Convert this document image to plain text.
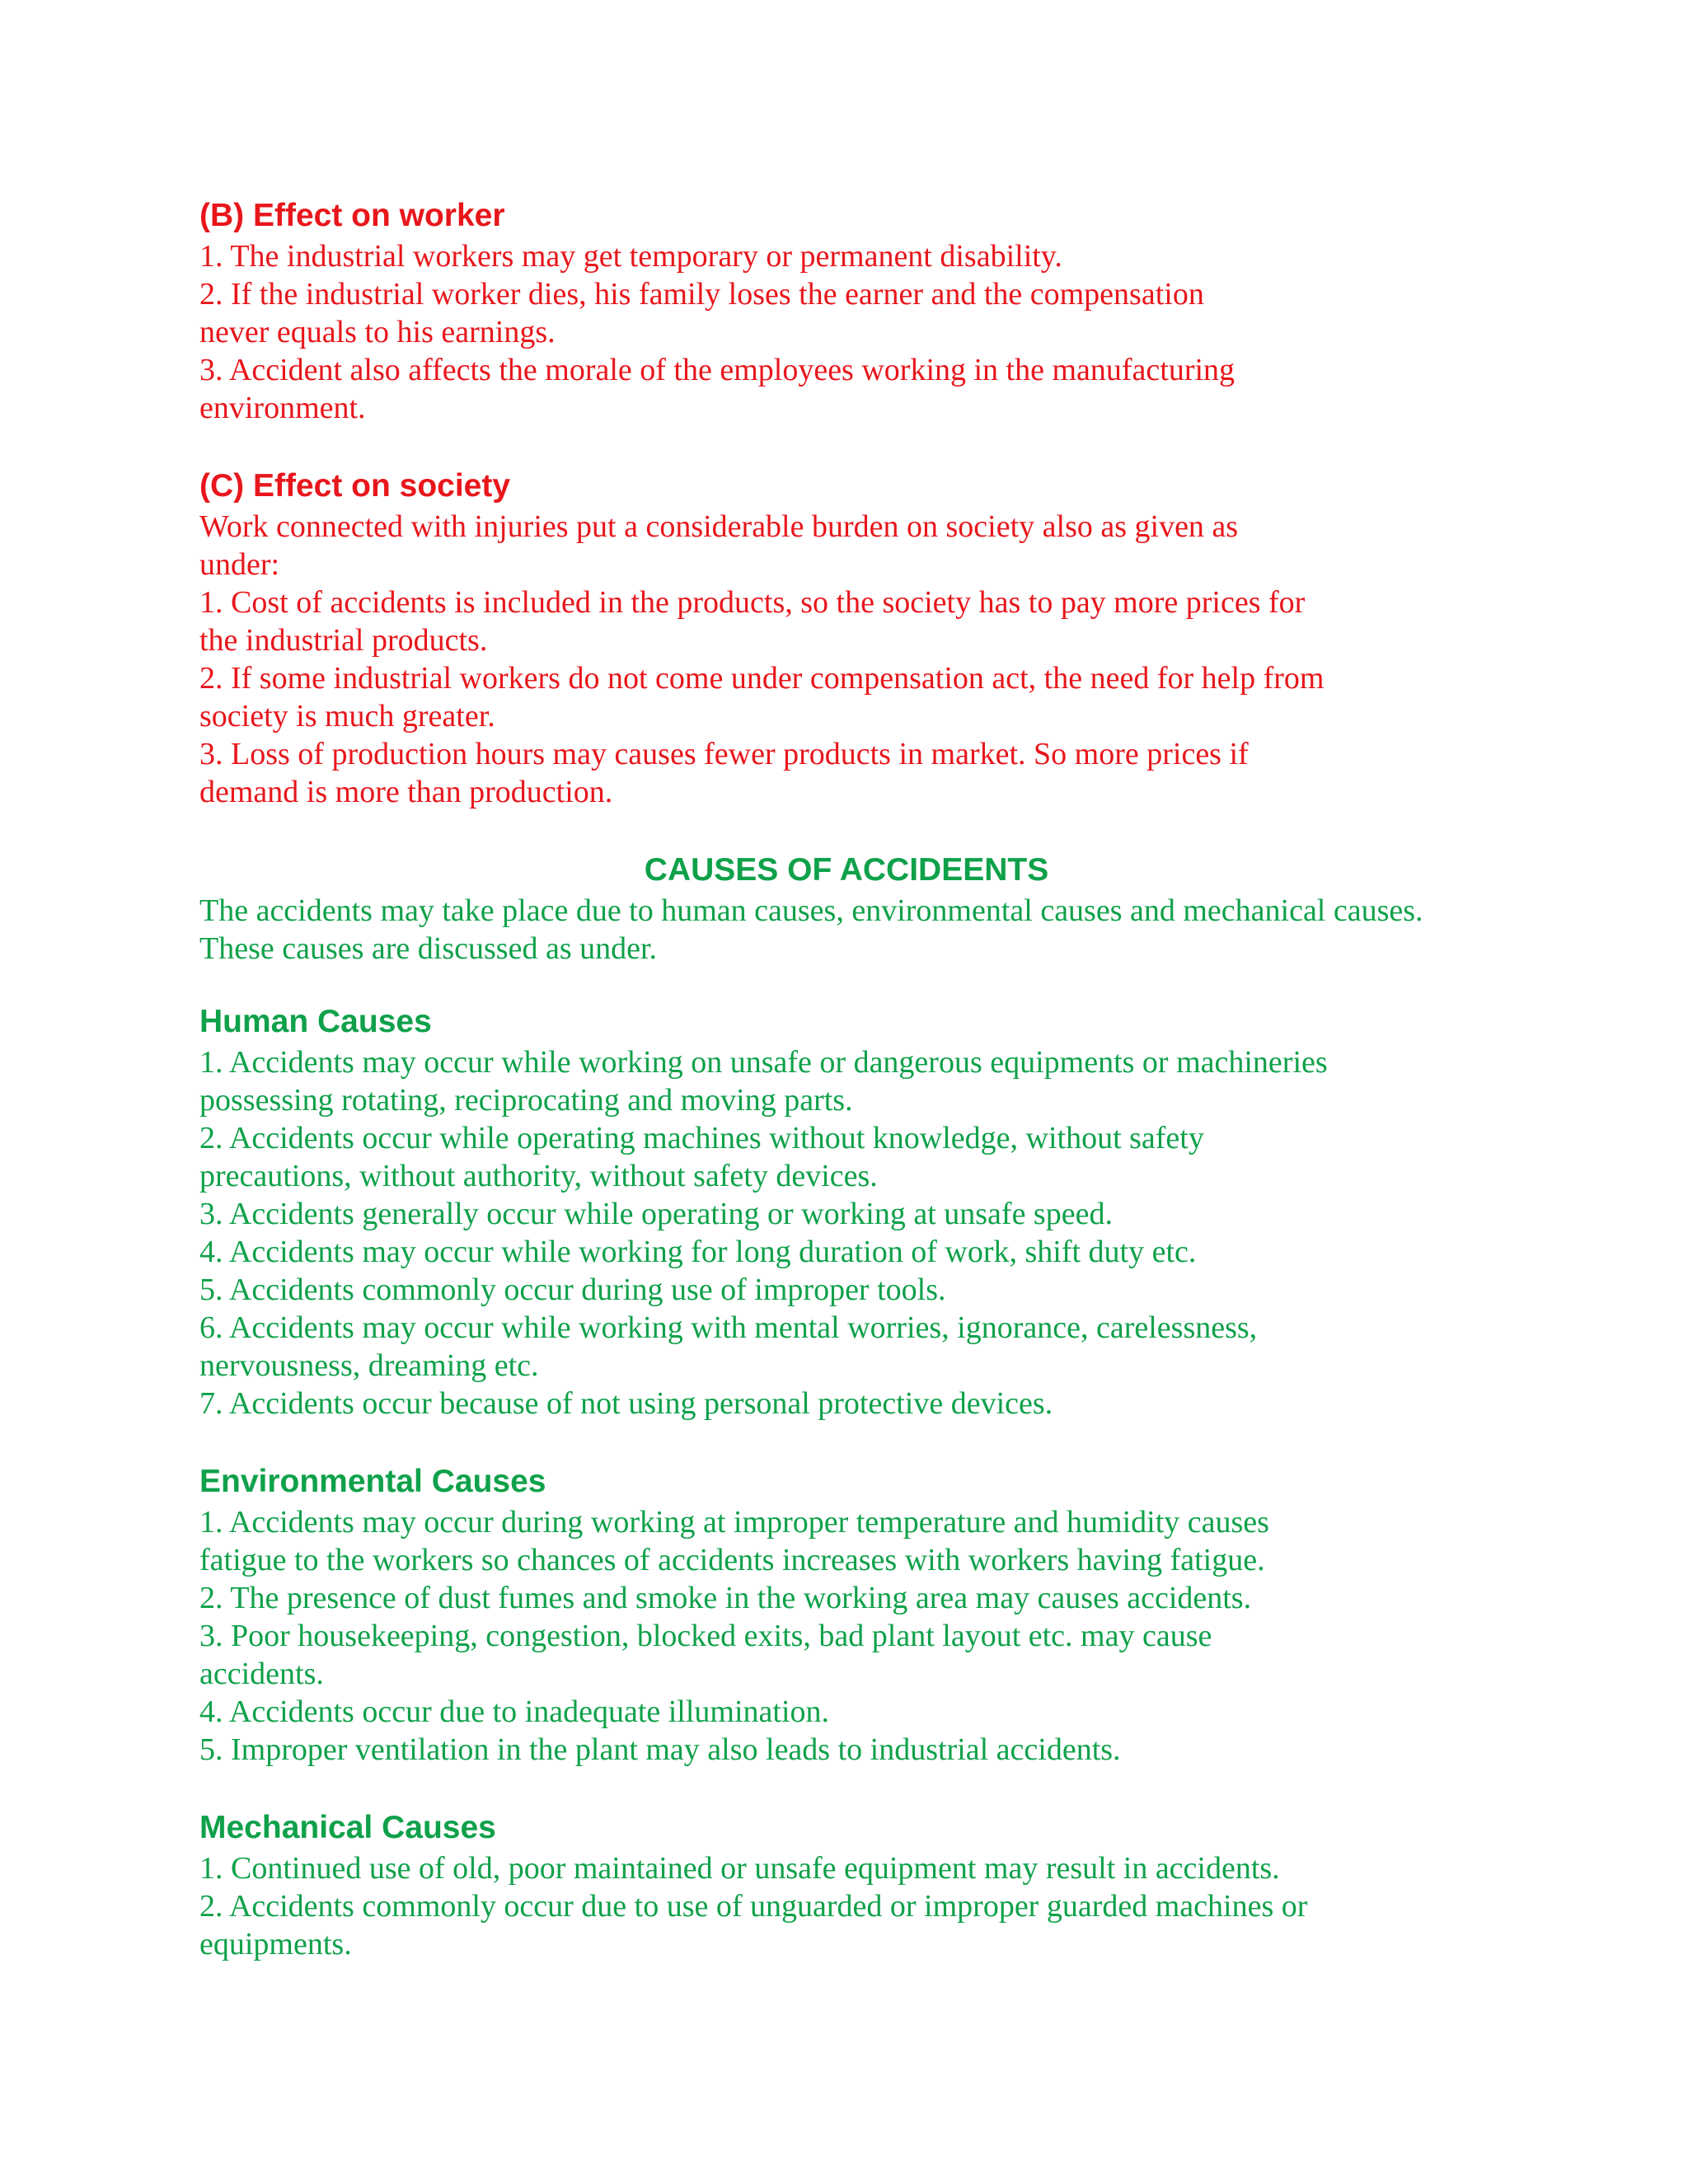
(B) Effect on worker

1. The industrial workers may get temporary or permanent disability.

2. If the industrial worker dies, his family loses the earner and the compensation never equals to his earnings.

3. Accident also affects the morale of the employees working in the manufacturing environment.

(C) Effect on society

Work connected with injuries put a considerable burden on society also as given as under:

1. Cost of accidents is included in the products, so the society has to pay more prices for the industrial products.

2. If some industrial workers do not come under compensation act, the need for help from society is much greater.

3. Loss of production hours may causes fewer products in market. So more prices if demand is more than production.

CAUSES OF ACCIDEENTS

The accidents may take place due to human causes, environmental causes and mechanical causes. These causes are discussed as under.

Human Causes

1. Accidents may occur while working on unsafe or dangerous equipments or machineries possessing rotating, reciprocating and moving parts.

2. Accidents occur while operating machines without knowledge, without safety precautions, without authority, without safety devices.

3. Accidents generally occur while operating or working at unsafe speed.

4. Accidents may occur while working for long duration of work, shift duty etc.

5. Accidents commonly occur during use of improper tools.

6. Accidents may occur while working with mental worries, ignorance, carelessness, nervousness, dreaming etc.

7. Accidents occur because of not using personal protective devices.

Environmental Causes

1. Accidents may occur during working at improper temperature and humidity causes fatigue to the workers so chances of accidents increases with workers having fatigue.

2. The presence of dust fumes and smoke in the working area may causes accidents.

3. Poor housekeeping, congestion, blocked exits, bad plant layout etc. may cause accidents.

4. Accidents occur due to inadequate illumination.

5. Improper ventilation in the plant may also leads to industrial accidents.

Mechanical Causes

1. Continued use of old, poor maintained or unsafe equipment may result in accidents.

2. Accidents commonly occur due to use of unguarded or improper guarded machines or equipments.
